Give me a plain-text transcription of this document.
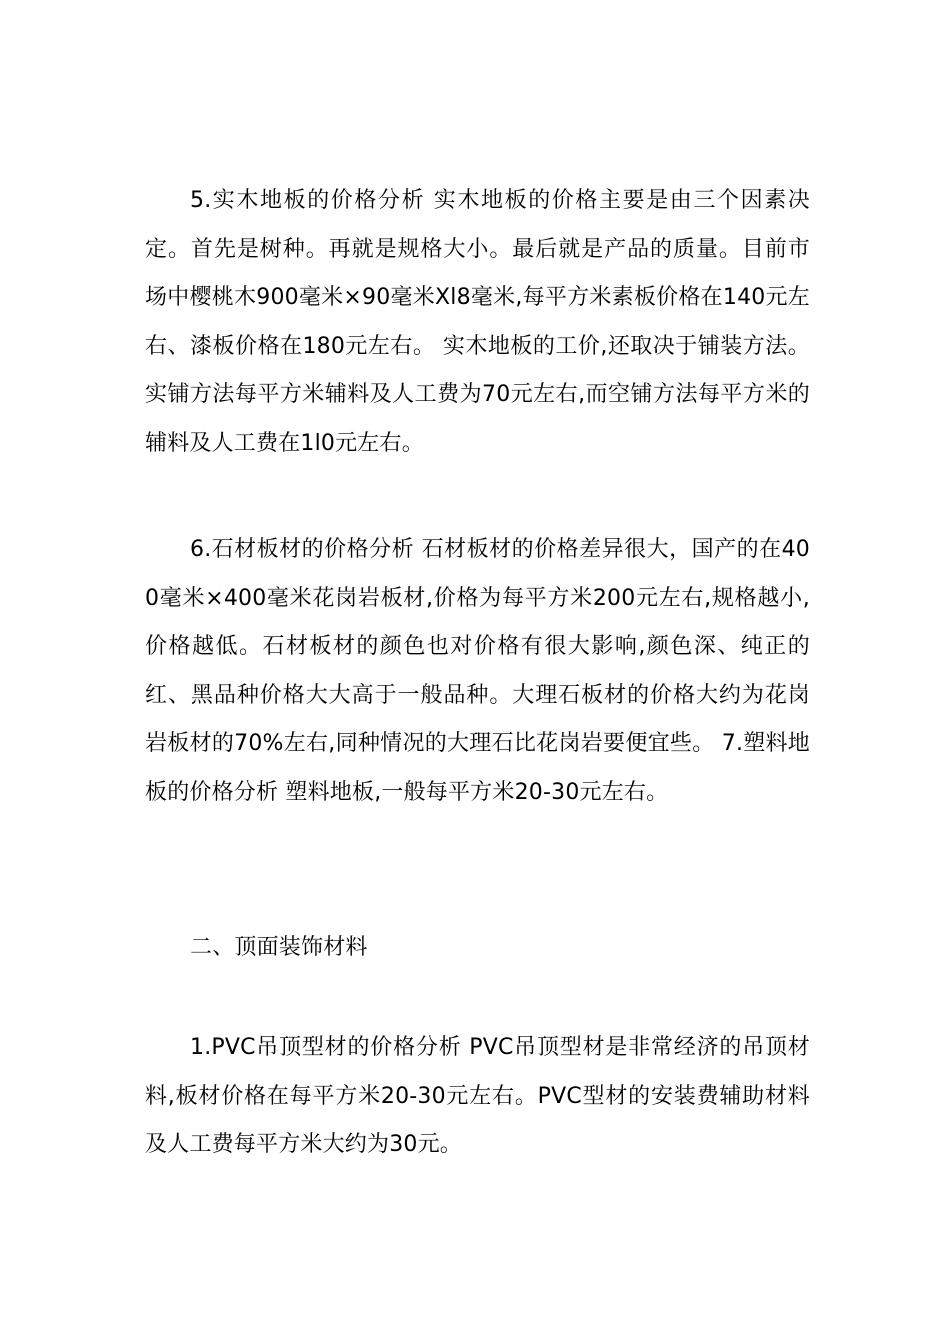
5.实木地板的价格分析 实木地板的价格主要是由三个因素决定。首先是树种。再就是规格大小。最后就是产品的质量。目前市场中樱桃木900毫米×90毫米Xl8毫米,每平方米素板价格在140元左右、漆板价格在180元左右。 实木地板的工价,还取决于铺装方法。实铺方法每平方米辅料及人工费为70元左右,而空铺方法每平方米的辅料及人工费在1l0元左右。

6.石材板材的价格分析 石材板材的价格差异很大，国产的在400毫米×400毫米花岗岩板材,价格为每平方米200元左右,规格越小,价格越低。石材板材的颜色也对价格有很大影响,颜色深、纯正的红、黑品种价格大大高于一般品种。大理石板材的价格大约为花岗岩板材的70%左右,同种情况的大理石比花岗岩要便宜些。 7.塑料地板的价格分析 塑料地板,一般每平方米20-30元左右。

二、顶面装饰材料

1.PVC吊顶型材的价格分析 PVC吊顶型材是非常经济的吊顶材料,板材价格在每平方米20-30元左右。PVC型材的安装费辅助材料及人工费每平方米大约为30元。
